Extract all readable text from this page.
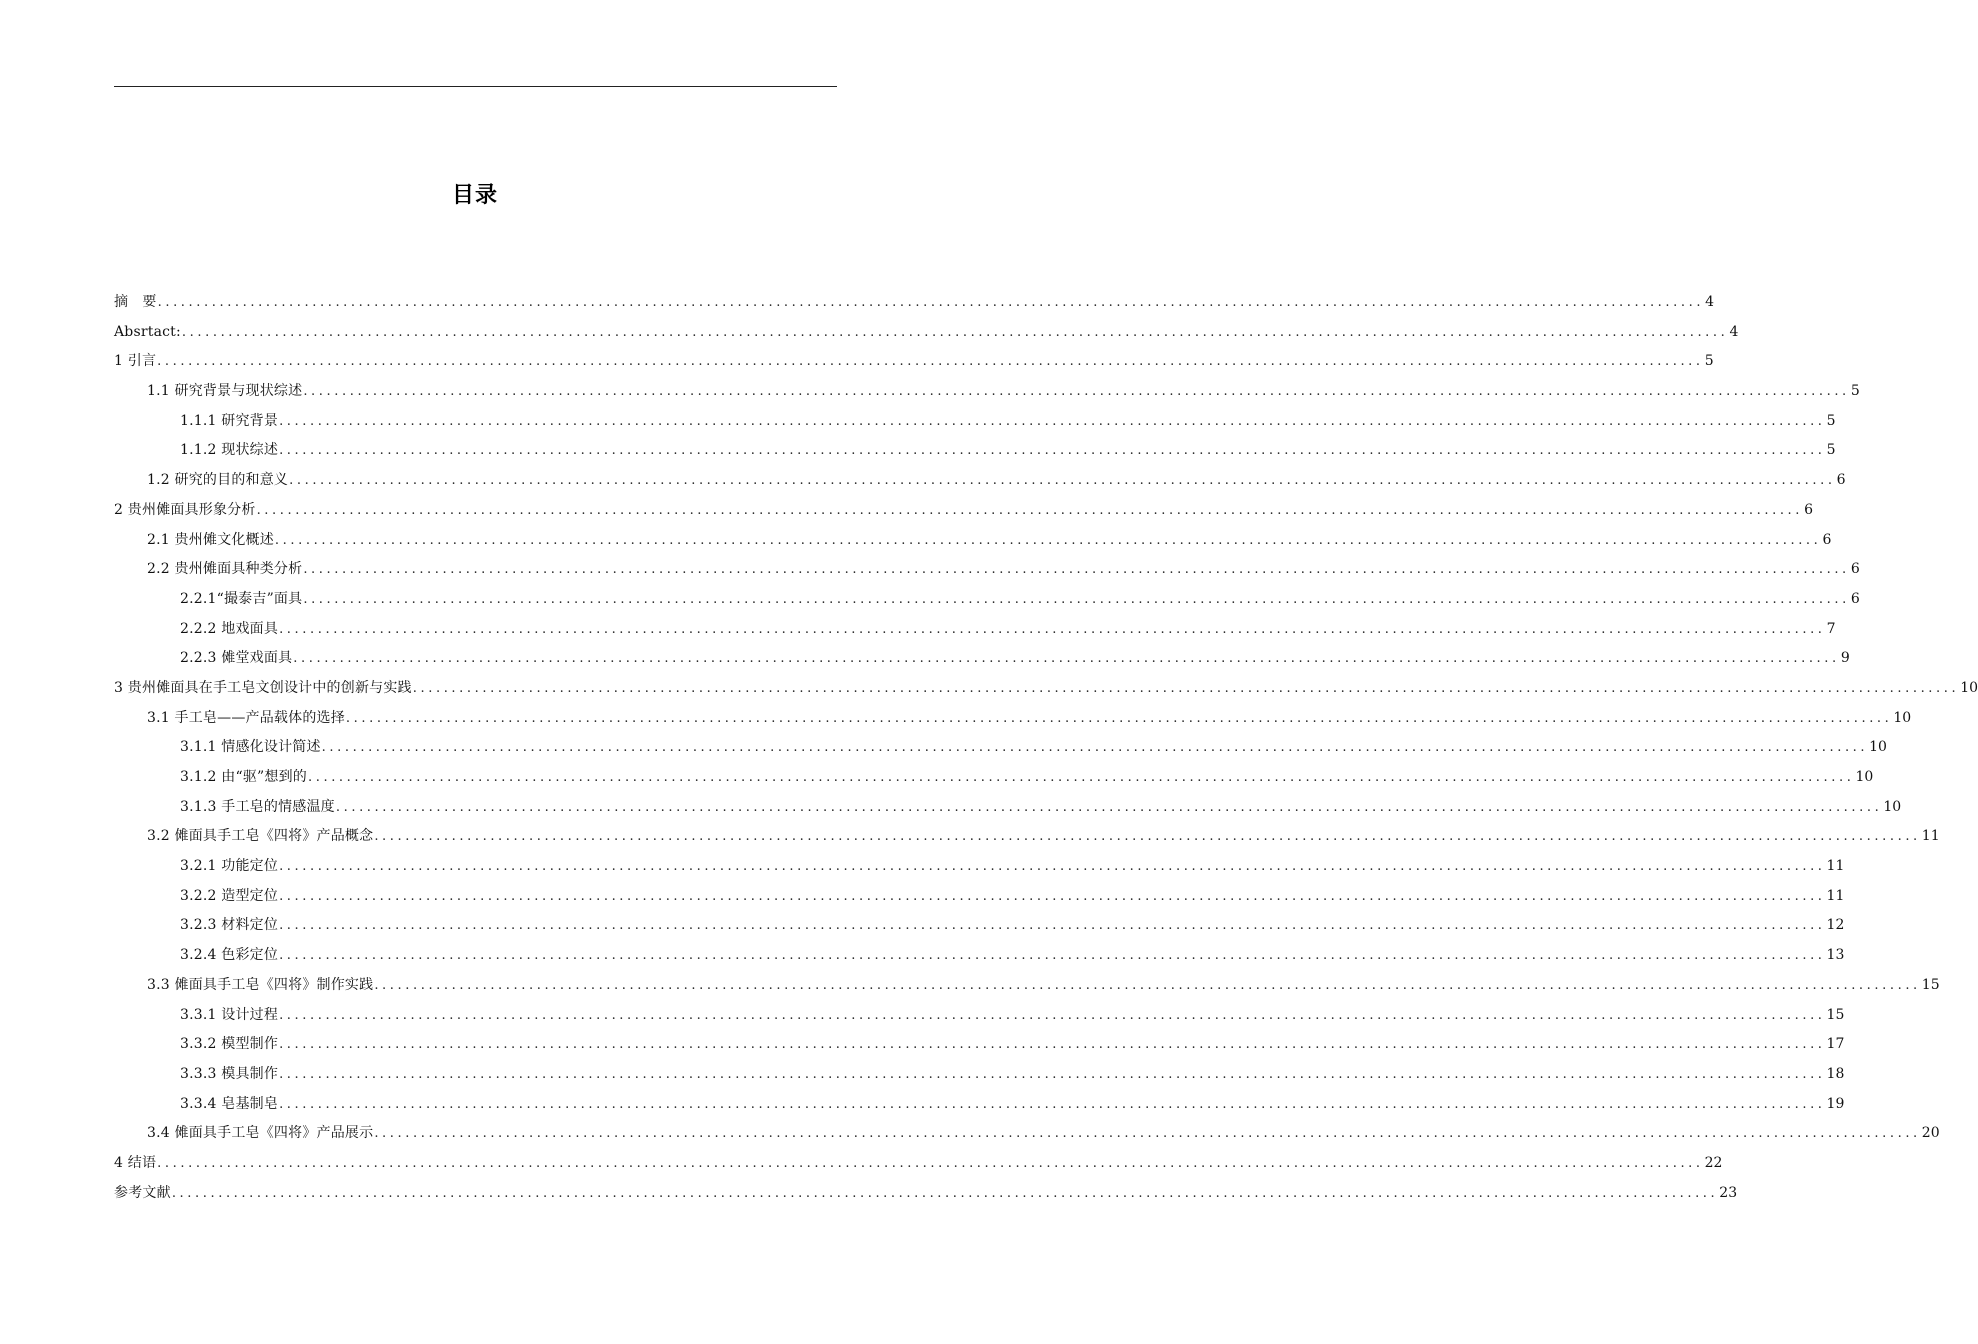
目录
摘　要 ........................................................................................................................................................................................................ 4
Absrtact: ........................................................................................................................................................................................................ 4
1 引言 ........................................................................................................................................................................................................ 5
1.1 研究背景与现状综述 ........................................................................................................................................................................................................ 5
1.1.1 研究背景 ........................................................................................................................................................................................................ 5
1.1.2 现状综述 ........................................................................................................................................................................................................ 5
1.2 研究的目的和意义 ........................................................................................................................................................................................................ 6
2 贵州傩面具形象分析 ........................................................................................................................................................................................................ 6
2.1 贵州傩文化概述 ........................................................................................................................................................................................................ 6
2.2 贵州傩面具种类分析 ........................................................................................................................................................................................................ 6
2.2.1“撮泰吉”面具 ........................................................................................................................................................................................................ 6
2.2.2 地戏面具 ........................................................................................................................................................................................................ 7
2.2.3 傩堂戏面具 ........................................................................................................................................................................................................ 9
3 贵州傩面具在手工皂文创设计中的创新与实践 ........................................................................................................................................................................................................ 10
3.1 手工皂——产品载体的选择 ........................................................................................................................................................................................................ 10
3.1.1 情感化设计简述 ........................................................................................................................................................................................................ 10
3.1.2 由“驱”想到的 ........................................................................................................................................................................................................ 10
3.1.3 手工皂的情感温度 ........................................................................................................................................................................................................ 10
3.2 傩面具手工皂《四将》产品概念 ........................................................................................................................................................................................................ 11
3.2.1 功能定位 ........................................................................................................................................................................................................ 11
3.2.2 造型定位 ........................................................................................................................................................................................................ 11
3.2.3 材料定位 ........................................................................................................................................................................................................ 12
3.2.4 色彩定位 ........................................................................................................................................................................................................ 13
3.3 傩面具手工皂《四将》制作实践 ........................................................................................................................................................................................................ 15
3.3.1 设计过程 ........................................................................................................................................................................................................ 15
3.3.2 模型制作 ........................................................................................................................................................................................................ 17
3.3.3 模具制作 ........................................................................................................................................................................................................ 18
3.3.4 皂基制皂 ........................................................................................................................................................................................................ 19
3.4 傩面具手工皂《四将》产品展示 ........................................................................................................................................................................................................ 20
4 结语 ........................................................................................................................................................................................................ 22
参考文献 ........................................................................................................................................................................................................ 23
